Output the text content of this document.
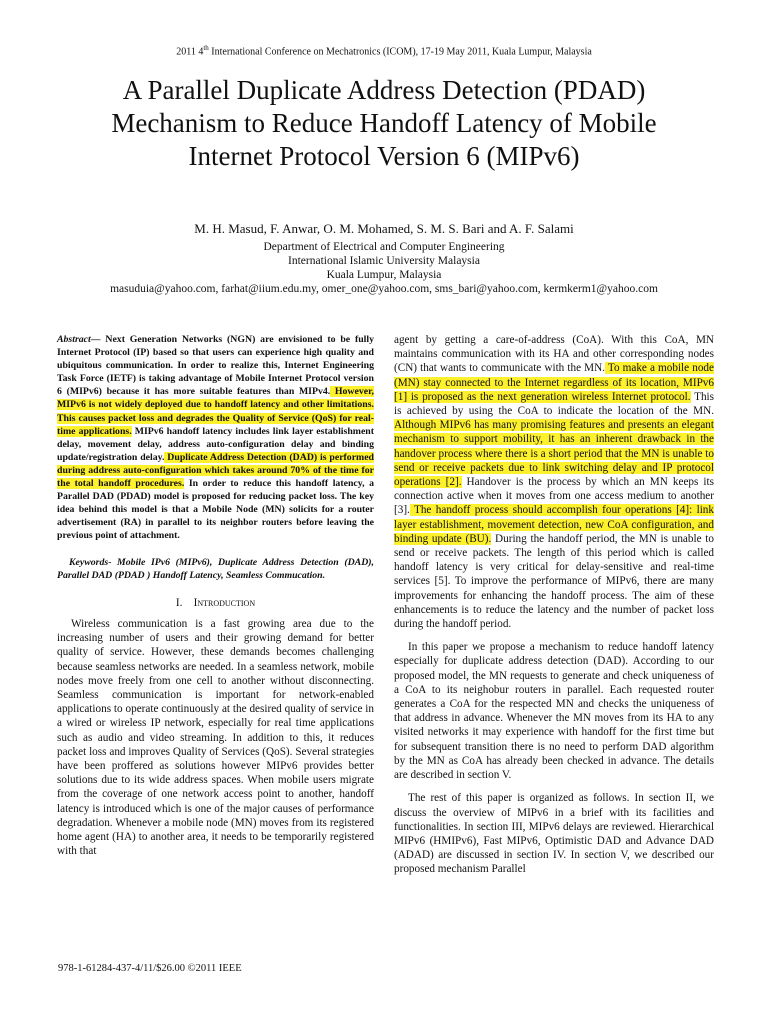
2011 4th International Conference on Mechatronics (ICOM), 17-19 May 2011, Kuala Lumpur, Malaysia
A Parallel Duplicate Address Detection (PDAD)
Mechanism to Reduce Handoff Latency of Mobile
Internet Protocol Version 6 (MIPv6)
M. H. Masud, F. Anwar, O. M. Mohamed, S. M. S. Bari and A. F. Salami
Department of Electrical and Computer Engineering
International Islamic University Malaysia
Kuala Lumpur, Malaysia
masuduia@yahoo.com, farhat@iium.edu.my, omer_one@yahoo.com, sms_bari@yahoo.com, kermkerm1@yahoo.com
Abstract— Next Generation Networks (NGN) are envisioned to be fully Internet Protocol (IP) based so that users can experience high quality and ubiquitous communication. In order to realize this, Internet Engineering Task Force (IETF) is taking advantage of Mobile Internet Protocol version 6 (MIPv6) because it has more suitable features than MIPv4. However, MIPv6 is not widely deployed due to handoff latency and other limitations. This causes packet loss and degrades the Quality of Service (QoS) for real-time applications. MIPv6 handoff latency includes link layer establishment delay, movement delay, address auto-configuration delay and binding update/registration delay. Duplicate Address Detection (DAD) is performed during address auto-configuration which takes around 70% of the time for the total handoff procedures. In order to reduce this handoff latency, a Parallel DAD (PDAD) model is proposed for reducing packet loss. The key idea behind this model is that a Mobile Node (MN) solicits for a router advertisement (RA) in parallel to its neighbor routers before leaving the previous point of attachment.
Keywords- Mobile IPv6 (MIPv6), Duplicate Address Detection (DAD), Parallel DAD (PDAD ) Handoff Latency, Seamless Commucation.
I. Introduction

Wireless communication is a fast growing area due to the increasing number of users and their growing demand for better quality of service. However, these demands becomes challenging because seamless networks are needed. In a seamless network, mobile nodes move freely from one cell to another without disconnecting. Seamless communication is important for network-enabled applications to operate continuously at the desired quality of service in a wired or wireless IP network, especially for real time applications such as audio and video streaming. In addition to this, it reduces packet loss and improves Quality of Services (QoS). Several strategies have been proffered as solutions however MIPv6 provides better solutions due to its wide address spaces. When mobile users migrate from the coverage of one network access point to another, handoff latency is introduced which is one of the major causes of performance degradation. Whenever a mobile node (MN) moves from its registered home agent (HA) to another area, it needs to be temporarily registered with that

agent by getting a care-of-address (CoA). With this CoA, MN maintains communication with its HA and other corresponding nodes (CN) that wants to communicate with the MN. To make a mobile node (MN) stay connected to the Internet regardless of its location, MIPv6 [1] is proposed as the next generation wireless Internet protocol. This is achieved by using the CoA to indicate the location of the MN. Although MIPv6 has many promising features and presents an elegant mechanism to support mobility, it has an inherent drawback in the handover process where there is a short period that the MN is unable to send or receive packets due to link switching delay and IP protocol operations [2]. Handover is the process by which an MN keeps its connection active when it moves from one access medium to another [3]. The handoff process should accomplish four operations [4]: link layer establishment, movement detection, new CoA configuration, and binding update (BU). During the handoff period, the MN is unable to send or receive packets. The length of this period which is called handoff latency is very critical for delay-sensitive and real-time services [5]. To improve the performance of MIPv6, there are many improvements for enhancing the handoff process. The aim of these enhancements is to reduce the latency and the number of packet loss during the handoff period.

In this paper we propose a mechanism to reduce handoff latency especially for duplicate address detection (DAD). According to our proposed model, the MN requests to generate and check uniqueness of a CoA to its neighobur routers in parallel. Each requested router generates a CoA for the respected MN and checks the uniqueness of that address in advance. Whenever the MN moves from its HA to any visited networks it may experience with handoff for the first time but for subsequent transition there is no need to perform DAD algorithm by the MN as CoA has already been checked in advance. The details are described in section V.

The rest of this paper is organized as follows. In section II, we discuss the overview of MIPv6 in a brief with its facilities and functionalities. In section III, MIPv6 delays are reviewed. Hierarchical MIPv6 (HMIPv6), Fast MIPv6, Optimistic DAD and Advance DAD (ADAD) are discussed in section IV. In section V, we described our proposed mechanism Parallel

978-1-61284-437-4/11/$26.00 ©2011 IEEE
